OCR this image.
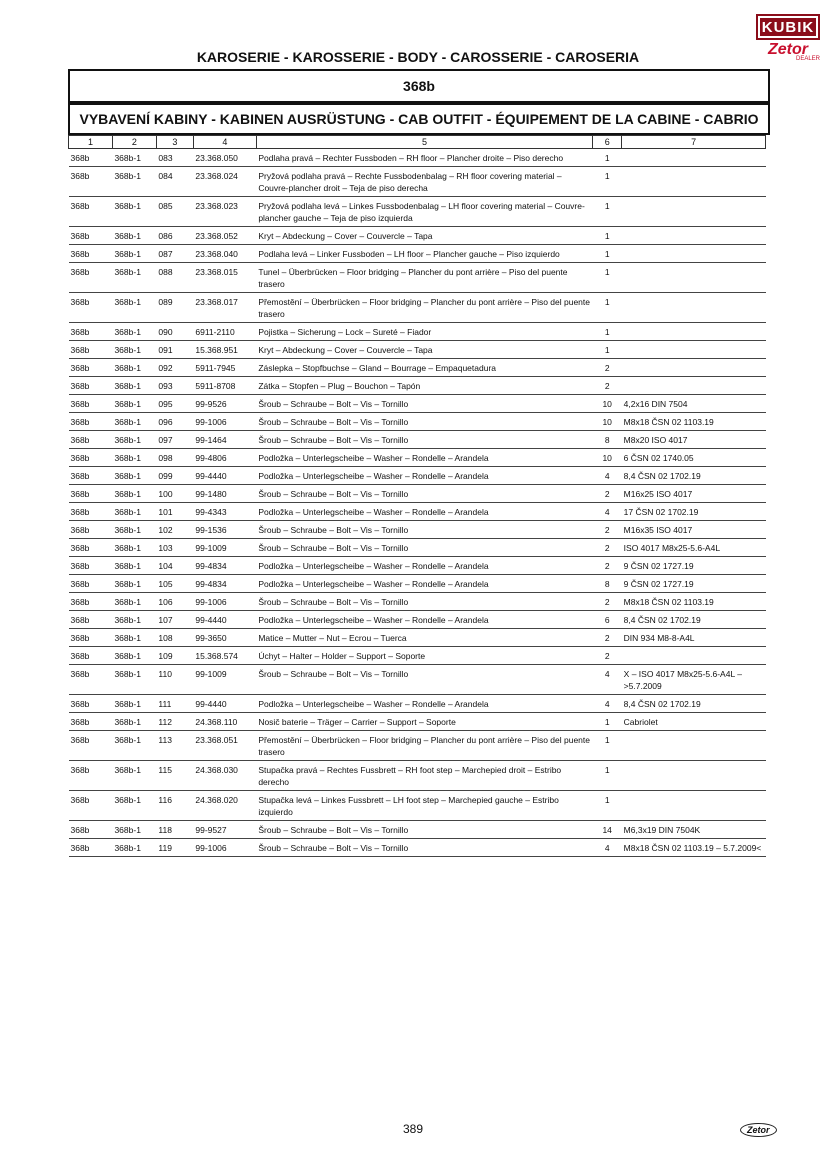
KUBIK
Zetor
DEALER
KAROSERIE - KAROSSERIE - BODY - CAROSSERIE - CAROSERIA
368b
VYBAVENÍ KABINY - KABINEN AUSRÜSTUNG - CAB OUTFIT - ÉQUIPEMENT DE LA CABINE - CABRIO
1	2	3	4	5	6	7
368b	368b-1	083	23.368.050	Podlaha pravá – Rechter Fussboden – RH floor – Plancher droite – Piso derecho	1	
368b	368b-1	084	23.368.024	Pryžová podlaha pravá – Rechte Fussbodenbalag – RH floor covering material – Couvre-plancher droit – Teja de piso derecha	1	
368b	368b-1	085	23.368.023	Pryžová podlaha levá – Linkes Fussbodenbalag – LH floor covering material – Couvre-plancher gauche – Teja de piso izquierda	1	
368b	368b-1	086	23.368.052	Kryt – Abdeckung – Cover – Couvercle – Tapa	1	
368b	368b-1	087	23.368.040	Podlaha levá – Linker Fussboden – LH floor – Plancher gauche – Piso izquierdo	1	
368b	368b-1	088	23.368.015	Tunel – Überbrücken – Floor bridging – Plancher du pont arrière – Piso del puente trasero	1	
368b	368b-1	089	23.368.017	Přemostění – Überbrücken – Floor bridging – Plancher du pont arrière – Piso del puente trasero	1	
368b	368b-1	090	6911-2110	Pojistka – Sicherung – Lock – Sureté – Fiador	1	
368b	368b-1	091	15.368.951	Kryt – Abdeckung – Cover – Couvercle – Tapa	1	
368b	368b-1	092	5911-7945	Záslepka – Stopfbuchse – Gland – Bourrage – Empaquetadura	2	
368b	368b-1	093	5911-8708	Zátka – Stopfen – Plug – Bouchon – Tapón	2	
368b	368b-1	095	99-9526	Šroub – Schraube – Bolt – Vis – Tornillo	10	4,2x16 DIN 7504
368b	368b-1	096	99-1006	Šroub – Schraube – Bolt – Vis – Tornillo	10	M8x18 ČSN 02 1103.19
368b	368b-1	097	99-1464	Šroub – Schraube – Bolt – Vis – Tornillo	8	M8x20 ISO 4017
368b	368b-1	098	99-4806	Podložka – Unterlegscheibe – Washer – Rondelle – Arandela	10	6 ČSN 02 1740.05
368b	368b-1	099	99-4440	Podložka – Unterlegscheibe – Washer – Rondelle – Arandela	4	8,4 ČSN 02 1702.19
368b	368b-1	100	99-1480	Šroub – Schraube – Bolt – Vis – Tornillo	2	M16x25 ISO 4017
368b	368b-1	101	99-4343	Podložka – Unterlegscheibe – Washer – Rondelle – Arandela	4	17 ČSN 02 1702.19
368b	368b-1	102	99-1536	Šroub – Schraube – Bolt – Vis – Tornillo	2	M16x35 ISO 4017
368b	368b-1	103	99-1009	Šroub – Schraube – Bolt – Vis – Tornillo	2	ISO 4017 M8x25-5.6-A4L
368b	368b-1	104	99-4834	Podložka – Unterlegscheibe – Washer – Rondelle – Arandela	2	9 ČSN 02 1727.19
368b	368b-1	105	99-4834	Podložka – Unterlegscheibe – Washer – Rondelle – Arandela	8	9 ČSN 02 1727.19
368b	368b-1	106	99-1006	Šroub – Schraube – Bolt – Vis – Tornillo	2	M8x18 ČSN 02 1103.19
368b	368b-1	107	99-4440	Podložka – Unterlegscheibe – Washer – Rondelle – Arandela	6	8,4 ČSN 02 1702.19
368b	368b-1	108	99-3650	Matice – Mutter – Nut – Ecrou – Tuerca	2	DIN 934 M8-8-A4L
368b	368b-1	109	15.368.574	Úchyt – Halter – Holder – Support – Soporte	2	
368b	368b-1	110	99-1009	Šroub – Schraube – Bolt – Vis – Tornillo	4	X – ISO 4017 M8x25-5.6-A4L – >5.7.2009
368b	368b-1	111	99-4440	Podložka – Unterlegscheibe – Washer – Rondelle – Arandela	4	8,4 ČSN 02 1702.19
368b	368b-1	112	24.368.110	Nosič baterie – Träger – Carrier – Support – Soporte	1	Cabriolet
368b	368b-1	113	23.368.051	Přemostění – Überbrücken – Floor bridging – Plancher du pont arrière – Piso del puente trasero	1	
368b	368b-1	115	24.368.030	Stupačka pravá – Rechtes Fussbrett – RH foot step – Marchepied droit – Estribo derecho	1	
368b	368b-1	116	24.368.020	Stupačka levá – Linkes Fussbrett – LH foot step – Marchepied gauche – Estribo izquierdo	1	
368b	368b-1	118	99-9527	Šroub – Schraube – Bolt – Vis – Tornillo	14	M6,3x19 DIN 7504K
368b	368b-1	119	99-1006	Šroub – Schraube – Bolt – Vis – Tornillo	4	M8x18 ČSN 02 1103.19 – 5.7.2009<
389	Zetor
